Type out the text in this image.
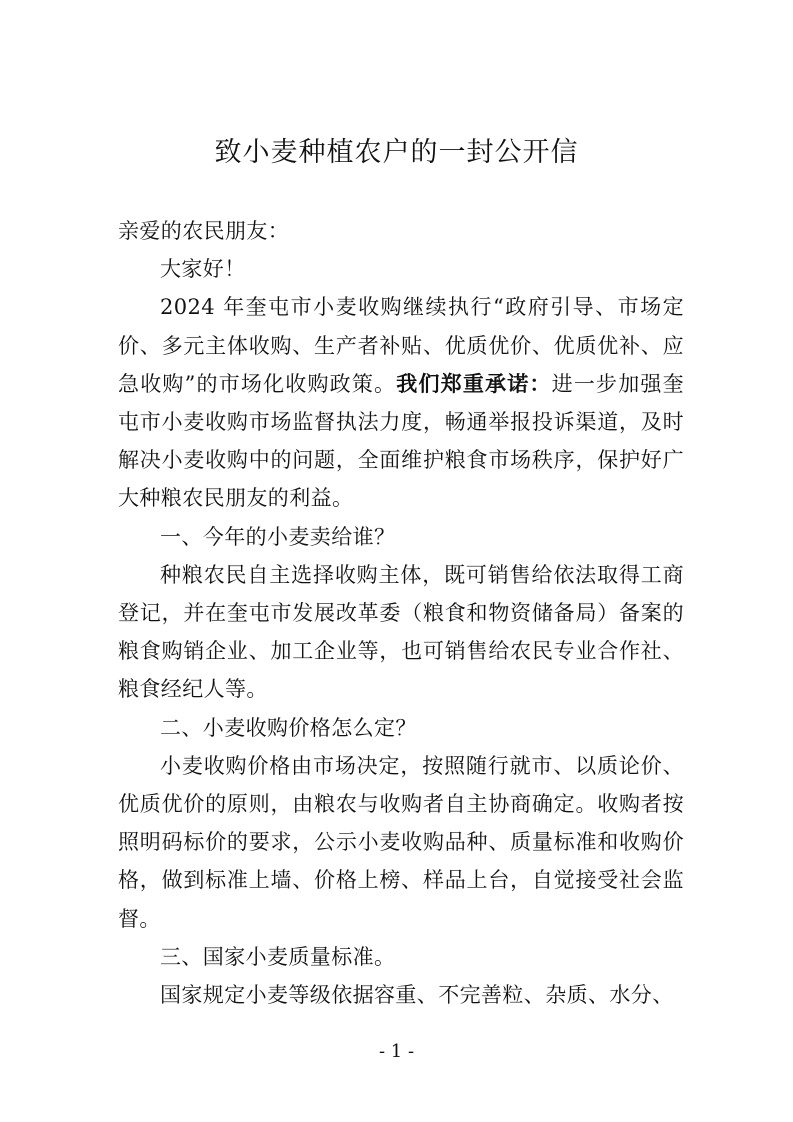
致小麦种植农户的一封公开信

亲爱的农民朋友：

大家好！

2024 年奎屯市小麦收购继续执行“政府引导、市场定价、多元主体收购、生产者补贴、优质优价、优质优补、应急收购”的市场化收购政策。我们郑重承诺：进一步加强奎屯市小麦收购市场监督执法力度，畅通举报投诉渠道，及时解决小麦收购中的问题，全面维护粮食市场秩序，保护好广大种粮农民朋友的利益。

一、今年的小麦卖给谁？

种粮农民自主选择收购主体，既可销售给依法取得工商登记，并在奎屯市发展改革委（粮食和物资储备局）备案的粮食购销企业、加工企业等，也可销售给农民专业合作社、粮食经纪人等。

二、小麦收购价格怎么定？

小麦收购价格由市场决定，按照随行就市、以质论价、优质优价的原则，由粮农与收购者自主协商确定。收购者按照明码标价的要求，公示小麦收购品种、质量标准和收购价格，做到标准上墙、价格上榜、样品上台，自觉接受社会监督。

三、国家小麦质量标准。

国家规定小麦等级依据容重、不完善粒、杂质、水分、

- 1 -
